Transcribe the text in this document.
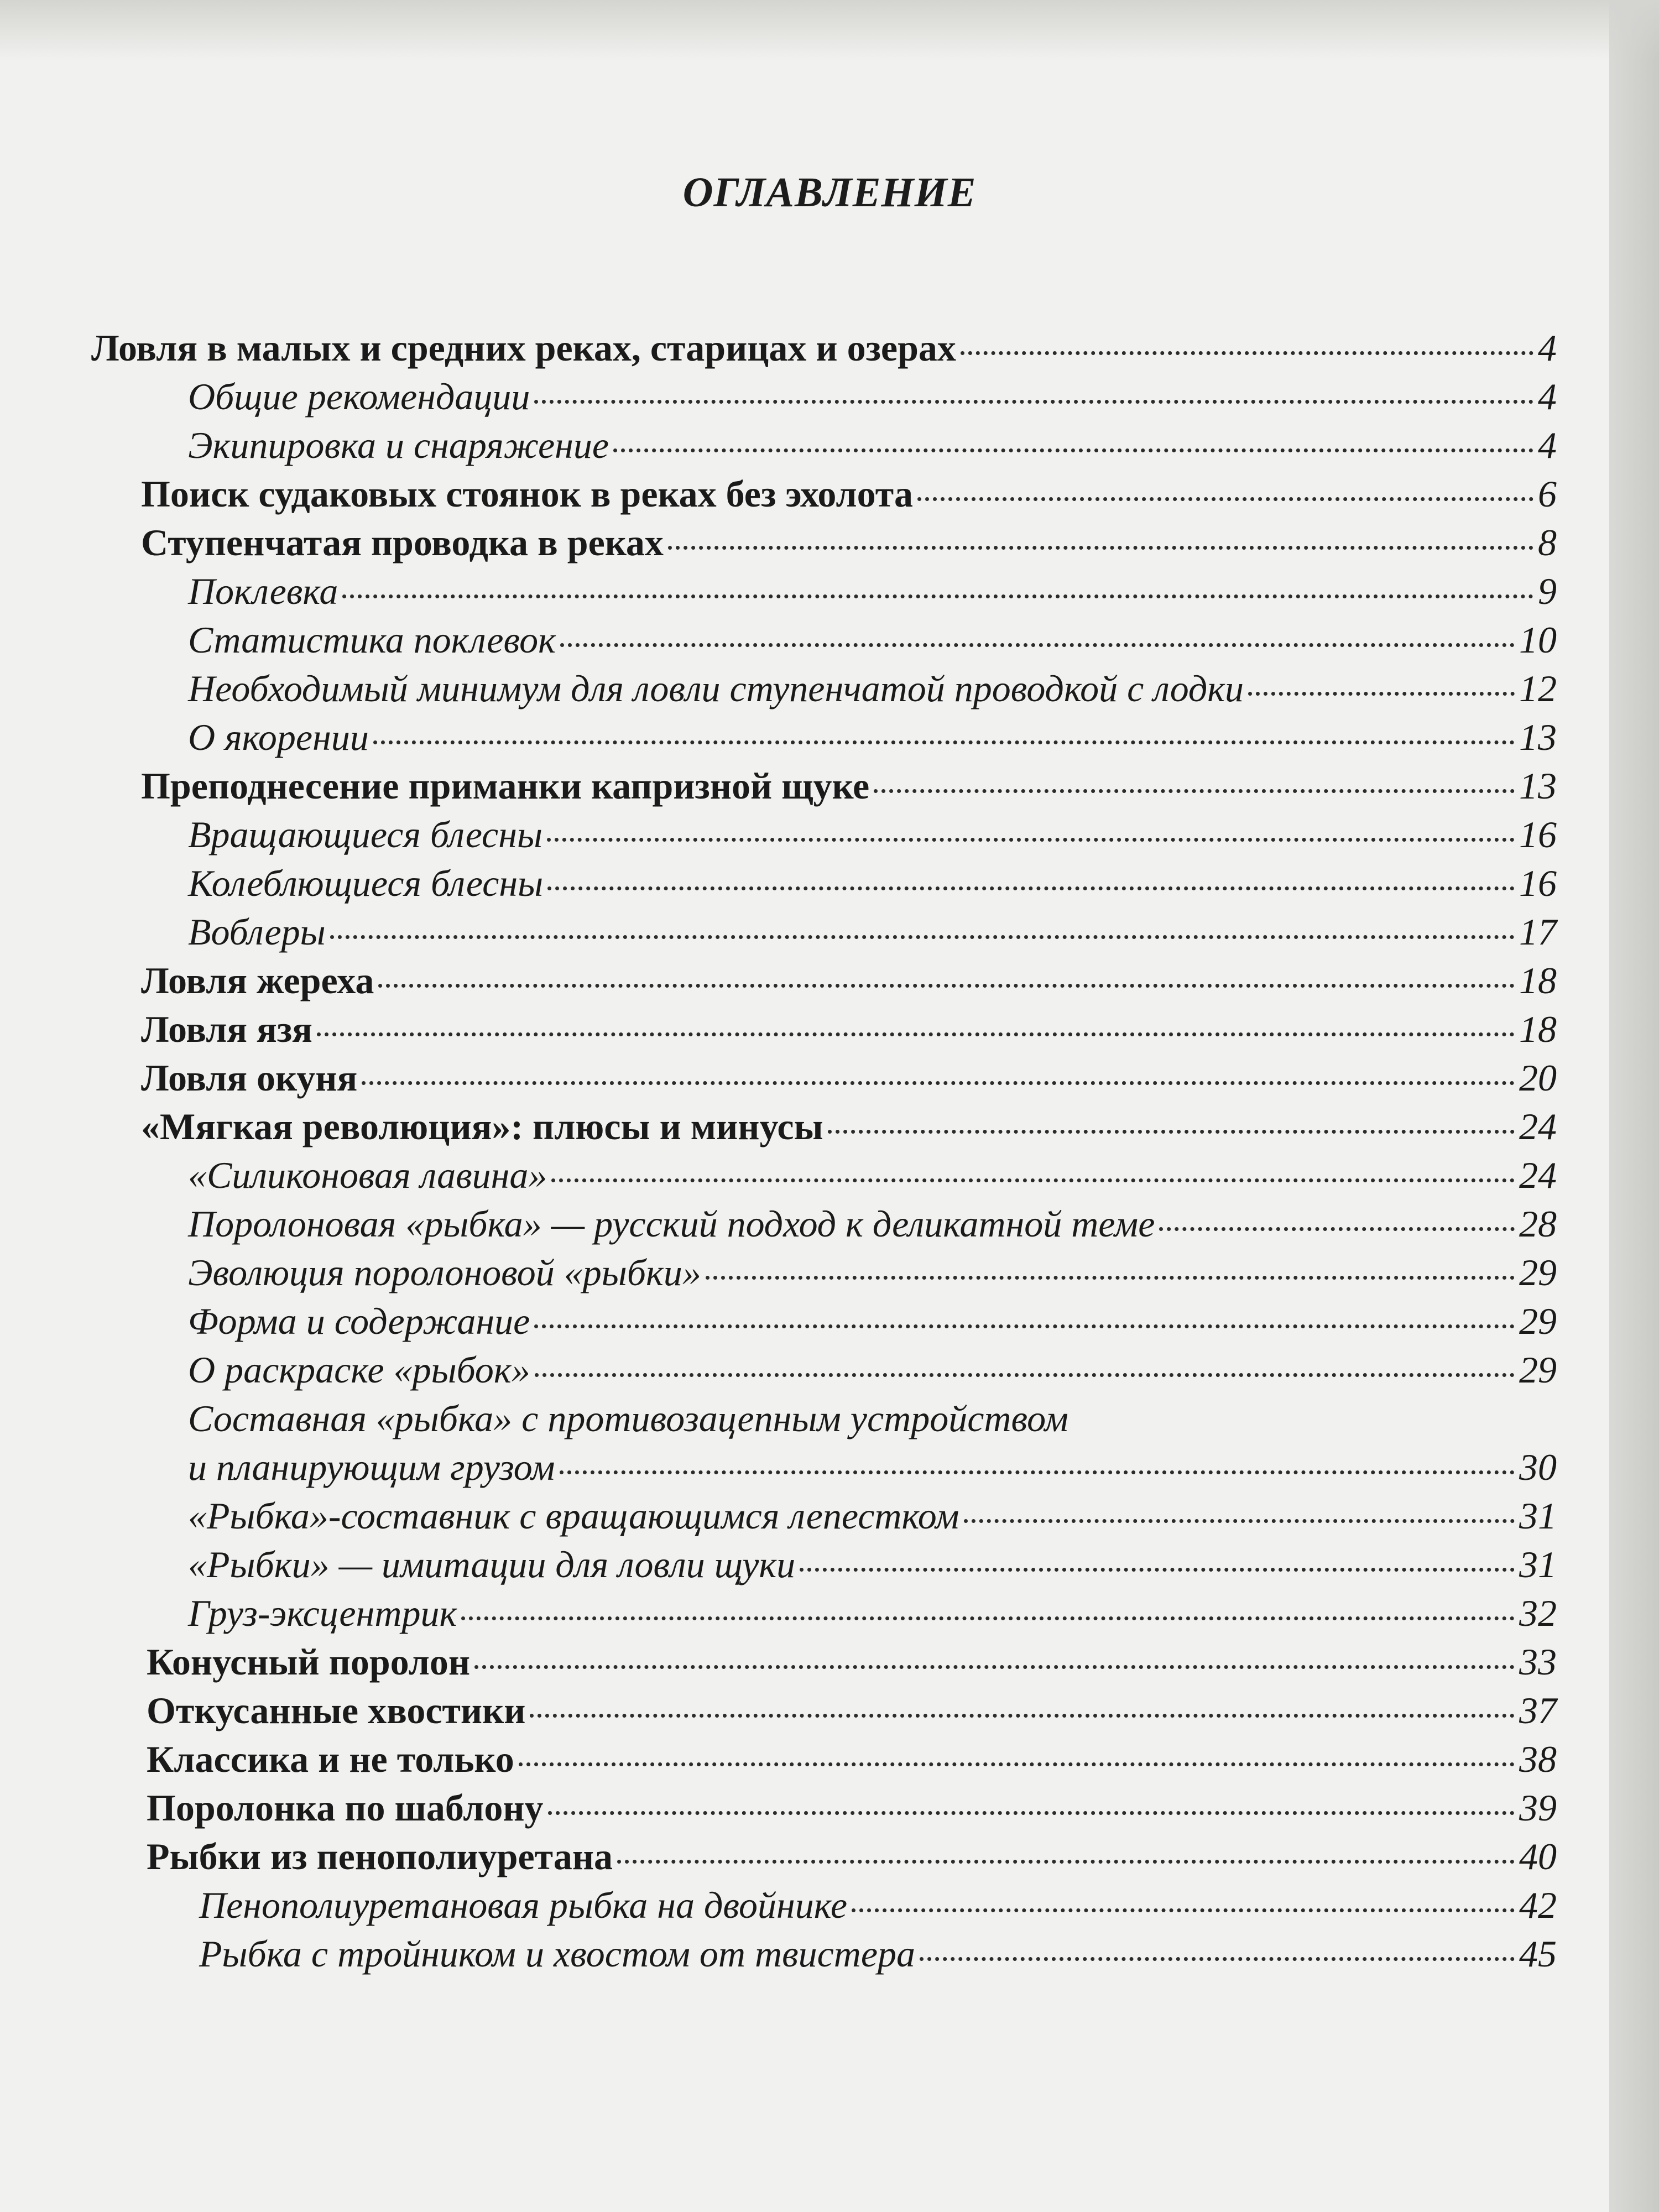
ОГЛАВЛЕНИЕ
Ловля в малых и средних реках, старицах и озерах	4
Общие рекомендации	4
Экипировка и снаряжение	4
Поиск судаковых стоянок в реках без эхолота	6
Ступенчатая проводка в реках	8
Поклевка	9
Статистика поклевок	10
Необходимый минимум для ловли ступенчатой проводкой с лодки	12
О якорении	13
Преподнесение приманки капризной щуке	13
Вращающиеся блесны	16
Колеблющиеся блесны	16
Воблеры	17
Ловля жереха	18
Ловля язя	18
Ловля окуня	20
«Мягкая революция»: плюсы и минусы	24
«Силиконовая лавина»	24
Поролоновая «рыбка» — русский подход к деликатной теме	28
Эволюция поролоновой «рыбки»	29
Форма и содержание	29
О раскраске «рыбок»	29
Составная «рыбка» с противозацепным устройством
и планирующим грузом	30
«Рыбка»-составник с вращающимся лепестком	31
«Рыбки» — имитации для ловли щуки	31
Груз-эксцентрик	32
Конусный поролон	33
Откусанные хвостики	37
Классика и не только	38
Поролонка по шаблону	39
Рыбки из пенополиуретана	40
Пенополиуретановая рыбка на двойнике	42
Рыбка с тройником и хвостом от твистера	45
